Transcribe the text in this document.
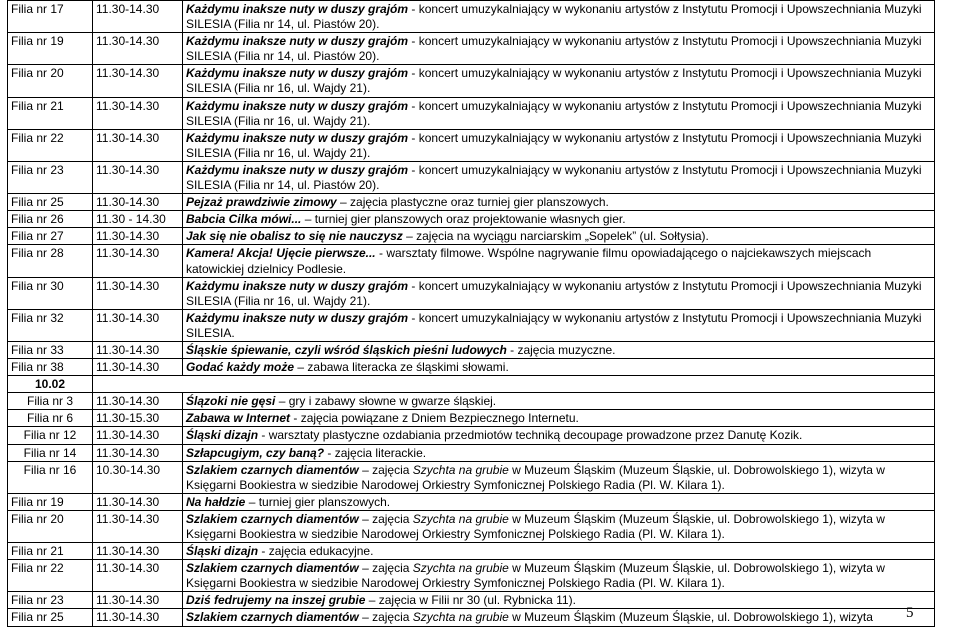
Filia nr 17	11.30-14.30	Każdymu inaksze nuty w duszy grajóm - koncert umuzykalniający w wykonaniu artystów z Instytutu Promocji i Upowszechniania Muzyki SILESIA (Filia nr 14, ul. Piastów 20).
Filia nr 19	11.30-14.30	Każdymu inaksze nuty w duszy grajóm - koncert umuzykalniający w wykonaniu artystów z Instytutu Promocji i Upowszechniania Muzyki SILESIA (Filia nr 14, ul. Piastów 20).
Filia nr 20	11.30-14.30	Każdymu inaksze nuty w duszy grajóm - koncert umuzykalniający w wykonaniu artystów z Instytutu Promocji i Upowszechniania Muzyki SILESIA (Filia nr 16, ul. Wajdy 21).
Filia nr 21	11.30-14.30	Każdymu inaksze nuty w duszy grajóm - koncert umuzykalniający w wykonaniu artystów z Instytutu Promocji i Upowszechniania Muzyki SILESIA (Filia nr 16, ul. Wajdy 21).
Filia nr 22	11.30-14.30	Każdymu inaksze nuty w duszy grajóm - koncert umuzykalniający w wykonaniu artystów z Instytutu Promocji i Upowszechniania Muzyki SILESIA (Filia nr 16, ul. Wajdy 21).
Filia nr 23	11.30-14.30	Każdymu inaksze nuty w duszy grajóm - koncert umuzykalniający w wykonaniu artystów z Instytutu Promocji i Upowszechniania Muzyki SILESIA (Filia nr 14, ul. Piastów 20).
Filia nr 25	11.30-14.30	Pejzaż prawdziwie zimowy – zajęcia plastyczne oraz turniej gier planszowych.
Filia nr 26	11.30 - 14.30	Babcia Cilka mówi... – turniej gier planszowych oraz projektowanie własnych gier.
Filia nr 27	11.30-14.30	Jak się nie obalisz to się nie nauczysz – zajęcia na wyciągu narciarskim „Sopelek” (ul. Sołtysia).
Filia nr 28	11.30-14.30	Kamera! Akcja! Ujęcie pierwsze... - warsztaty filmowe. Wspólne nagrywanie filmu opowiadającego o najciekawszych miejscach katowickiej dzielnicy Podlesie.
Filia nr 30	11.30-14.30	Każdymu inaksze nuty w duszy grajóm - koncert umuzykalniający w wykonaniu artystów z Instytutu Promocji i Upowszechniania Muzyki SILESIA (Filia nr 16, ul. Wajdy 21).
Filia nr 32	11.30-14.30	Każdymu inaksze nuty w duszy grajóm - koncert umuzykalniający w wykonaniu artystów z Instytutu Promocji i Upowszechniania Muzyki SILESIA.
Filia nr 33	11.30-14.30	Śląskie śpiewanie, czyli wśród śląskich pieśni ludowych - zajęcia muzyczne.
Filia nr 38	11.30-14.30	Godać każdy może – zabawa literacka ze śląskimi słowami.
10.02		
Filia nr 3	11.30-14.30	Ślązoki nie gęsi – gry i zabawy słowne w gwarze śląskiej.
Filia nr 6	11.30-15.30	Zabawa w Internet - zajęcia powiązane z Dniem Bezpiecznego Internetu.
Filia nr 12	11.30-14.30	Śląski dizajn - warsztaty plastyczne ozdabiania przedmiotów techniką decoupage prowadzone przez Danutę Kozik.
Filia nr 14	11.30-14.30	Szłapcugiym, czy baną? - zajęcia literackie.
Filia nr 16	10.30-14.30	Szlakiem czarnych diamentów – zajęcia Szychta na grubie w Muzeum Śląskim (Muzeum Śląskie, ul. Dobrowolskiego 1), wizyta w Księgarni Bookiestra w siedzibie Narodowej Orkiestry Symfonicznej Polskiego Radia (Pl. W. Kilara 1).
Filia nr 19	11.30-14.30	Na hałdzie – turniej gier planszowych.
Filia nr 20	11.30-14.30	Szlakiem czarnych diamentów – zajęcia Szychta na grubie w Muzeum Śląskim (Muzeum Śląskie, ul. Dobrowolskiego 1), wizyta w Księgarni Bookiestra w siedzibie Narodowej Orkiestry Symfonicznej Polskiego Radia (Pl. W. Kilara 1).
Filia nr 21	11.30-14.30	Śląski dizajn - zajęcia edukacyjne.
Filia nr 22	11.30-14.30	Szlakiem czarnych diamentów – zajęcia Szychta na grubie w Muzeum Śląskim (Muzeum Śląskie, ul. Dobrowolskiego 1), wizyta w Księgarni Bookiestra w siedzibie Narodowej Orkiestry Symfonicznej Polskiego Radia (Pl. W. Kilara 1).
Filia nr 23	11.30-14.30	Dziś fedrujemy na inszej grubie – zajęcia w Filii nr 30 (ul. Rybnicka 11).
Filia nr 25	11.30-14.30	Szlakiem czarnych diamentów – zajęcia Szychta na grubie w Muzeum Śląskim (Muzeum Śląskie, ul. Dobrowolskiego 1), wizyta 5
